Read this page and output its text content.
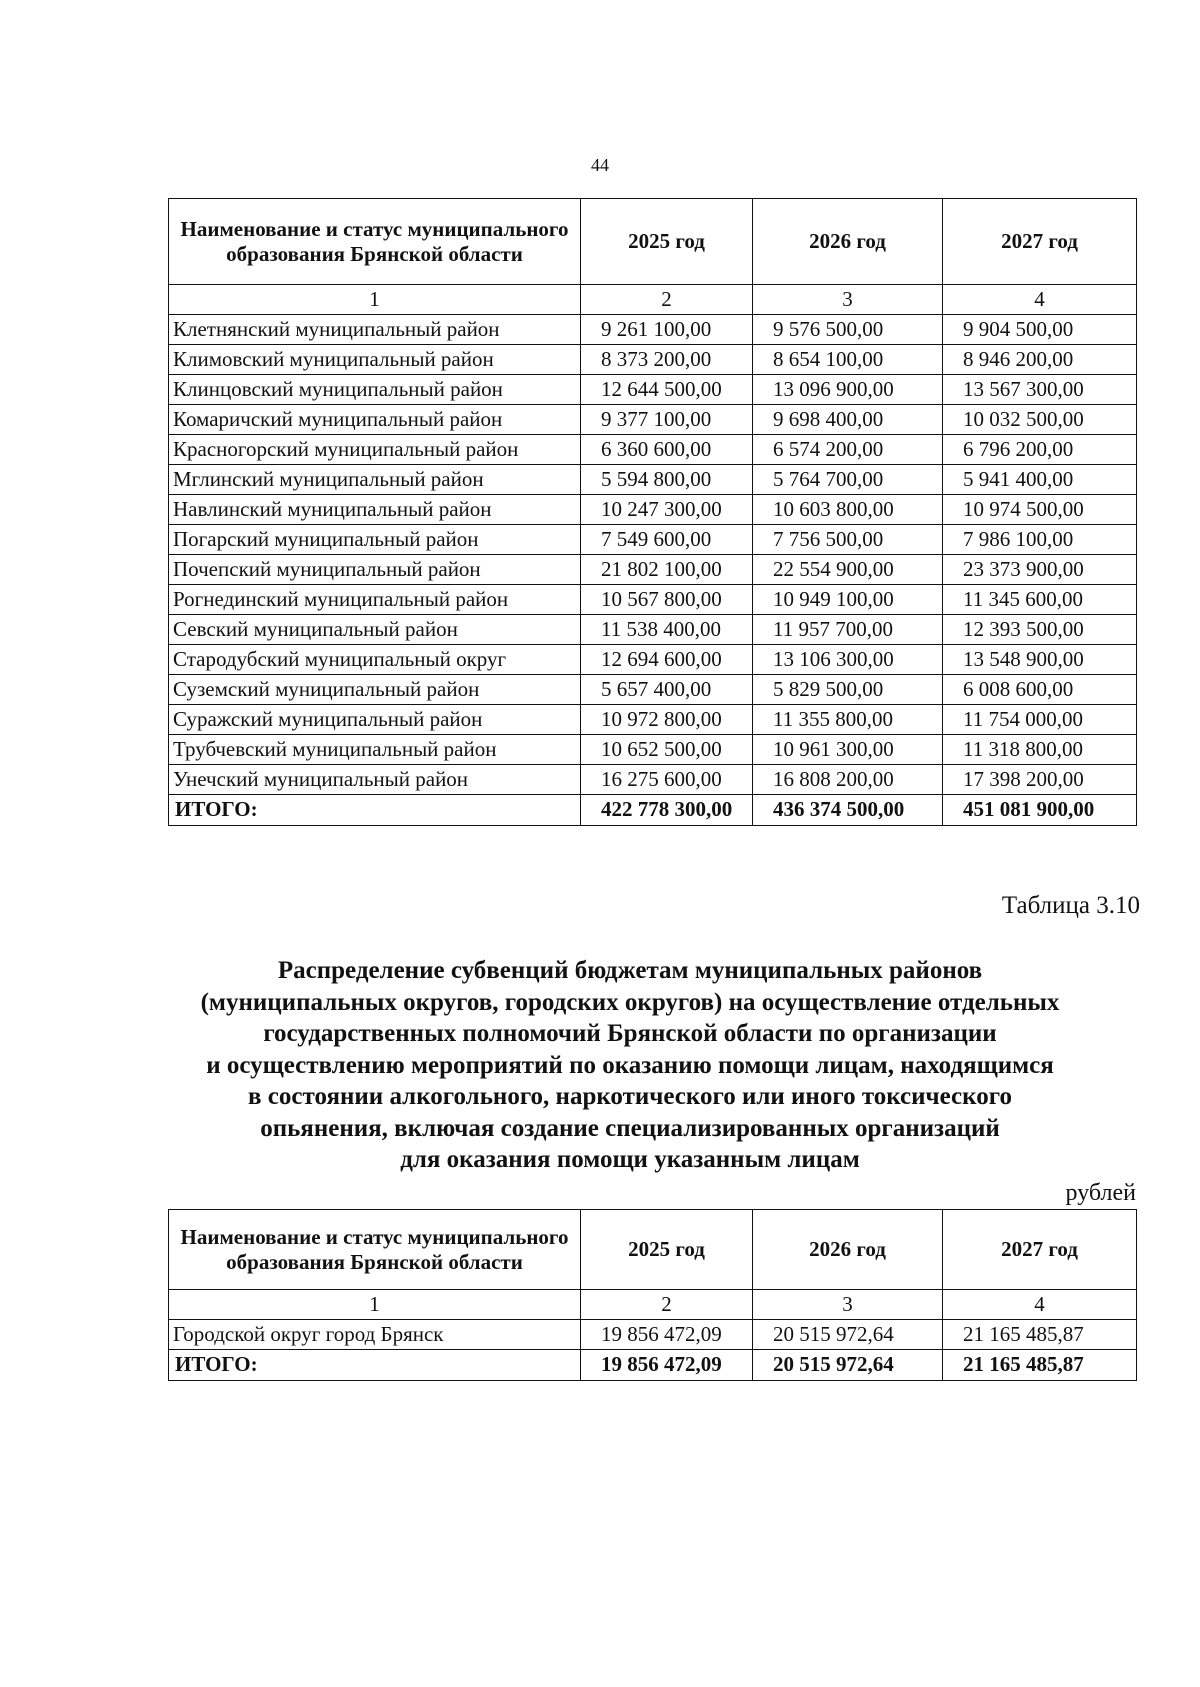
44
Наименование и статус муниципального образования Брянской области	2025 год	2026 год	2027 год
1	2	3	4
Клетнянский муниципальный район	9 261 100,00	9 576 500,00	9 904 500,00
Климовский муниципальный район	8 373 200,00	8 654 100,00	8 946 200,00
Клинцовский муниципальный район	12 644 500,00	13 096 900,00	13 567 300,00
Комаричский муниципальный район	9 377 100,00	9 698 400,00	10 032 500,00
Красногорский муниципальный район	6 360 600,00	6 574 200,00	6 796 200,00
Мглинский муниципальный район	5 594 800,00	5 764 700,00	5 941 400,00
Навлинский муниципальный район	10 247 300,00	10 603 800,00	10 974 500,00
Погарский муниципальный район	7 549 600,00	7 756 500,00	7 986 100,00
Почепский муниципальный район	21 802 100,00	22 554 900,00	23 373 900,00
Рогнединский муниципальный район	10 567 800,00	10 949 100,00	11 345 600,00
Севский муниципальный район	11 538 400,00	11 957 700,00	12 393 500,00
Стародубский муниципальный округ	12 694 600,00	13 106 300,00	13 548 900,00
Суземский муниципальный район	5 657 400,00	5 829 500,00	6 008 600,00
Суражский муниципальный район	10 972 800,00	11 355 800,00	11 754 000,00
Трубчевский муниципальный район	10 652 500,00	10 961 300,00	11 318 800,00
Унечский муниципальный район	16 275 600,00	16 808 200,00	17 398 200,00
ИТОГО:	422 778 300,00	436 374 500,00	451 081 900,00
Таблица 3.10
Распределение субвенций бюджетам муниципальных районов
(муниципальных округов, городских округов) на осуществление отдельных
государственных полномочий Брянской области по организации
и осуществлению мероприятий по оказанию помощи лицам, находящимся
в состоянии алкогольного, наркотического или иного токсического
опьянения, включая создание специализированных организаций
для оказания помощи указанным лицам
рублей
Наименование и статус муниципального образования Брянской области	2025 год	2026 год	2027 год
1	2	3	4
Городской округ город Брянск	19 856 472,09	20 515 972,64	21 165 485,87
ИТОГО:	19 856 472,09	20 515 972,64	21 165 485,87
